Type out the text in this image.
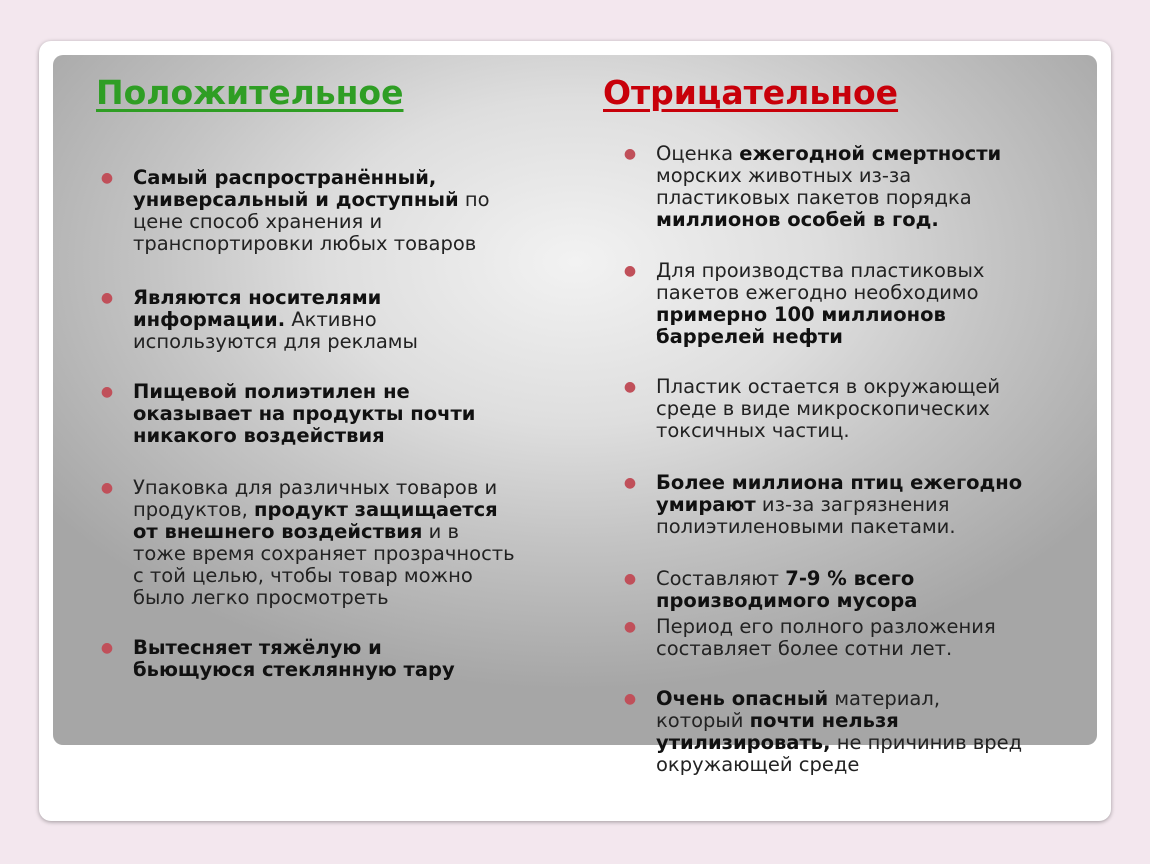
Положительное	Отрицательное
● Самый распространённый,
универсальный и доступный по
цене способ хранения и
транспортировки любых товаров
● Являются носителями
информации. Активно
используются для рекламы
● Пищевой полиэтилен не
оказывает на продукты почти
никакого воздействия
● Упаковка для различных товаров и
продуктов, продукт защищается
от внешнего воздействия и в
тоже время сохраняет прозрачность
с той целью, чтобы товар можно
было легко просмотреть
● Вытесняет тяжёлую и
бьющуюся стеклянную тару
● Оценка ежегодной смертности
морских животных из-за
пластиковых пакетов порядка
миллионов особей в год.
● Для производства пластиковых
пакетов ежегодно необходимо
примерно 100 миллионов
баррелей нефти
● Пластик остается в окружающей
среде в виде микроскопических
токсичных частиц.
● Более миллиона птиц ежегодно
умирают из-за загрязнения
полиэтиленовыми пакетами.
● Составляют 7-9 % всего
производимого мусора
● Период его полного разложения
составляет более сотни лет.
● Очень опасный материал,
который почти нельзя
утилизировать, не причинив вред
окружающей среде
